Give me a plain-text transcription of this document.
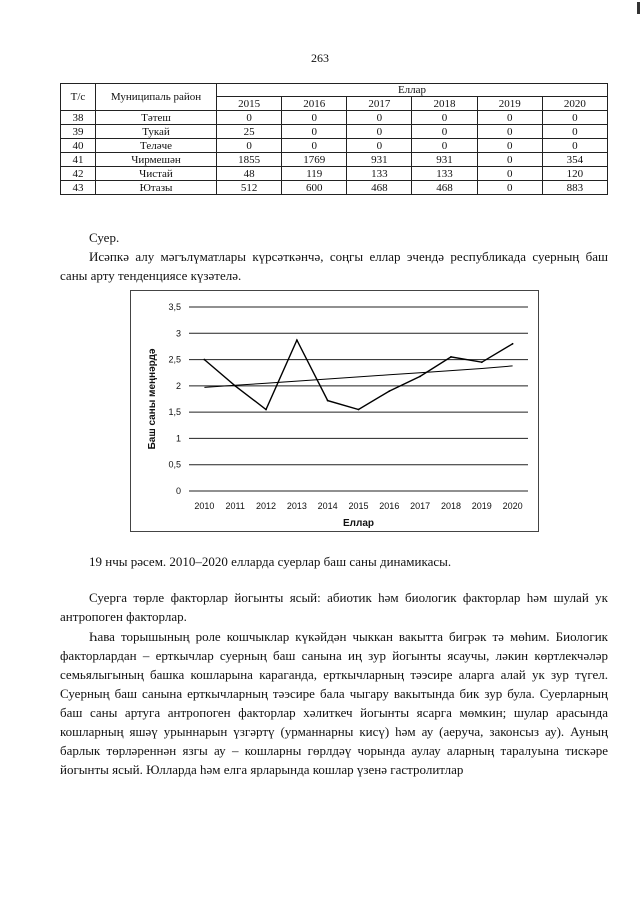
263
Т/с	Муниципаль район	Еллар					
		2015	2016	2017	2018	2019	2020
38	Тәтеш	0	0	0	0	0	0
39	Тукай	25	0	0	0	0	0
40	Теләче	0	0	0	0	0	0
41	Чирмешән	1855	1769	931	931	0	354
42	Чистай	48	119	133	133	0	120
43	Ютазы	512	600	468	468	0	883
Суер.

Исәпкә алу мәгълүматлары күрсәткәнчә, соңгы еллар эчендә республикада суерның баш саны арту тенденциясе күзәтелә.

0
0,5
1
1,5
2
2,5
3
3,5
2010 2011 2012 2013 2014 2015 2016 2017 2018 2019 2020
Еллар
Баш саны меңнәрдә
19 нчы рәсем. 2010–2020 елларда суерлар баш саны динамикасы.

Суерга төрле факторлар йогынты ясый: абиотик һәм биологик факторлар һәм шулай ук антропоген факторлар.

Һава торышының роле кошчыклар күкәйдән чыккан вакытта бигрәк тә мөһим. Биологик факторлардан – ерткычлар суерның баш санына иң зур йогынты ясаучы, ләкин көртлекчәләр семьялыгының башка кошларына караганда, ерткычларның тәэсире аларга алай ук зур түгел. Суерның баш санына ерткычларның тәэсире бала чыгару вакытында бик зур була. Суерларның баш саны артуга антропоген факторлар хәлиткеч йогынты ясарга мөмкин; шулар арасында кошларның яшәү урыннарын үзгәртү (урманнарны кисү) һәм ау (аеруча, законсыз ау). Ауның барлык төрләреннән язгы ау – кошларны гөрлдәү чорында аулау аларның таралуына тискәре йогынты ясый. Юлларда һәм елга ярларында кошлар үзенә гастролитлар
